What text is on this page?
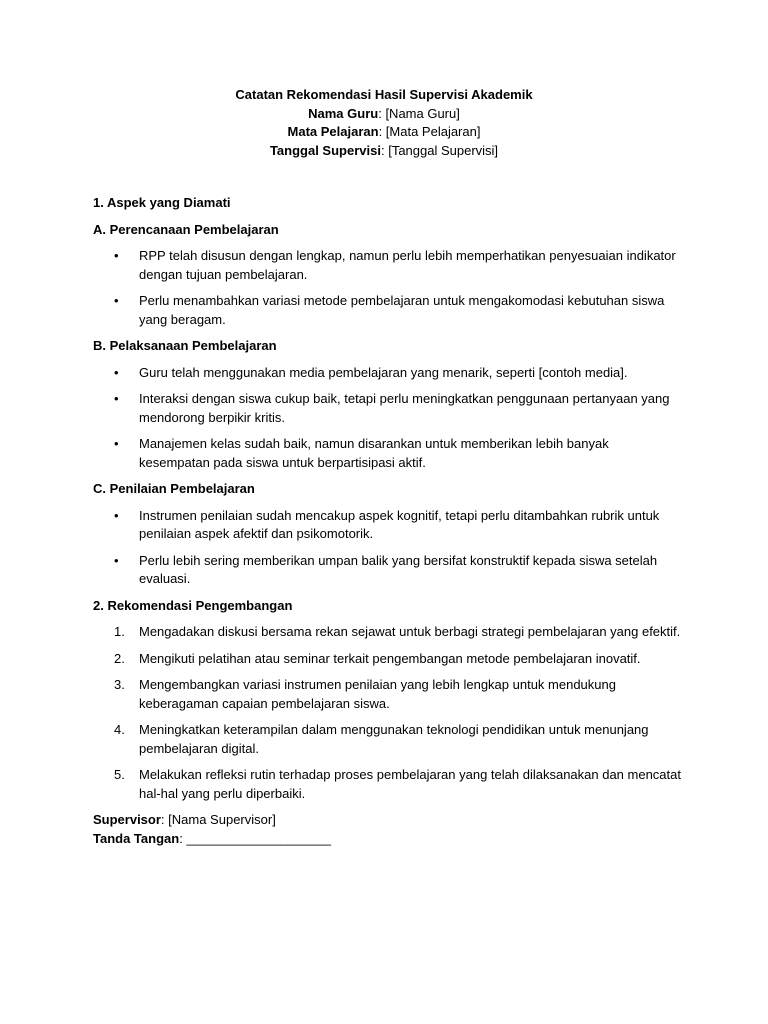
Catatan Rekomendasi Hasil Supervisi Akademik
Nama Guru: [Nama Guru]
Mata Pelajaran: [Mata Pelajaran]
Tanggal Supervisi: [Tanggal Supervisi]
1. Aspek yang Diamati
A. Perencanaan Pembelajaran
• RPP telah disusun dengan lengkap, namun perlu lebih memperhatikan penyesuaian indikator dengan tujuan pembelajaran.
• Perlu menambahkan variasi metode pembelajaran untuk mengakomodasi kebutuhan siswa yang beragam.
B. Pelaksanaan Pembelajaran
• Guru telah menggunakan media pembelajaran yang menarik, seperti [contoh media].
• Interaksi dengan siswa cukup baik, tetapi perlu meningkatkan penggunaan pertanyaan yang mendorong berpikir kritis.
• Manajemen kelas sudah baik, namun disarankan untuk memberikan lebih banyak kesempatan pada siswa untuk berpartisipasi aktif.
C. Penilaian Pembelajaran
• Instrumen penilaian sudah mencakup aspek kognitif, tetapi perlu ditambahkan rubrik untuk penilaian aspek afektif dan psikomotorik.
• Perlu lebih sering memberikan umpan balik yang bersifat konstruktif kepada siswa setelah evaluasi.
2. Rekomendasi Pengembangan
1.	Mengadakan diskusi bersama rekan sejawat untuk berbagi strategi pembelajaran yang efektif.
2.	Mengikuti pelatihan atau seminar terkait pengembangan metode pembelajaran inovatif.
3.	Mengembangkan variasi instrumen penilaian yang lebih lengkap untuk mendukung keberagaman capaian pembelajaran siswa.
4.	Meningkatkan keterampilan dalam menggunakan teknologi pendidikan untuk menunjang pembelajaran digital.
5.	Melakukan refleksi rutin terhadap proses pembelajaran yang telah dilaksanakan dan mencatat hal-hal yang perlu diperbaiki.
Supervisor: [Nama Supervisor]
Tanda Tangan: ____________________
